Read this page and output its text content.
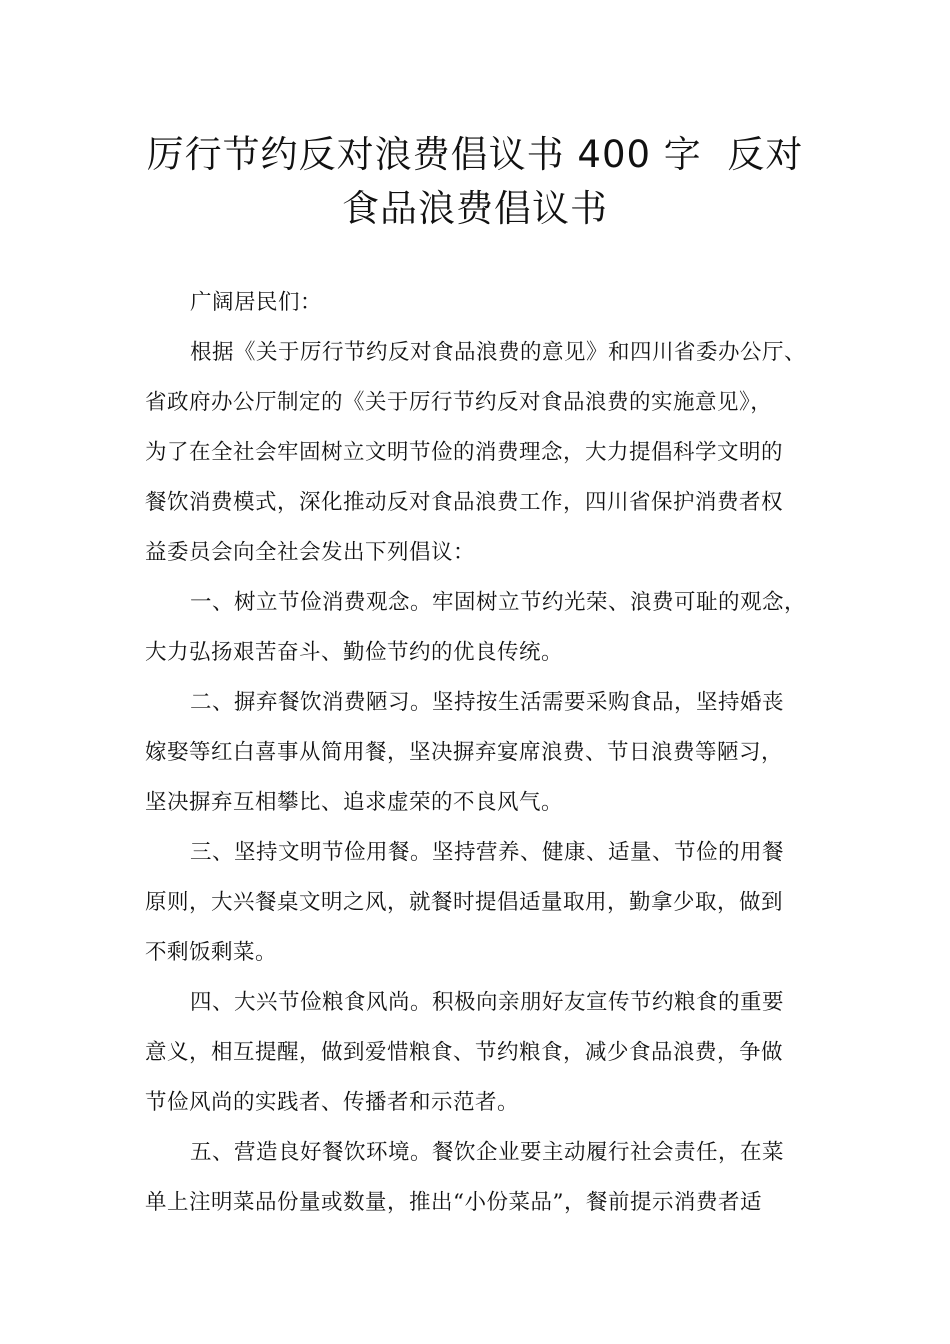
厉行节约反对浪费倡议书 400 字  反对
食品浪费倡议书
广阔居民们：
根据《关于厉行节约反对食品浪费的意见》和四川省委办公厅、
省政府办公厅制定的《关于厉行节约反对食品浪费的实施意见》，
为了在全社会牢固树立文明节俭的消费理念，大力提倡科学文明的
餐饮消费模式，深化推动反对食品浪费工作，四川省保护消费者权
益委员会向全社会发出下列倡议：
一、树立节俭消费观念。牢固树立节约光荣、浪费可耻的观念，
大力弘扬艰苦奋斗、勤俭节约的优良传统。
二、摒弃餐饮消费陋习。坚持按生活需要采购食品，坚持婚丧
嫁娶等红白喜事从简用餐，坚决摒弃宴席浪费、节日浪费等陋习，
坚决摒弃互相攀比、追求虚荣的不良风气。
三、坚持文明节俭用餐。坚持营养、健康、适量、节俭的用餐
原则，大兴餐桌文明之风，就餐时提倡适量取用，勤拿少取，做到
不剩饭剩菜。
四、大兴节俭粮食风尚。积极向亲朋好友宣传节约粮食的重要
意义，相互提醒，做到爱惜粮食、节约粮食，减少食品浪费，争做
节俭风尚的实践者、传播者和示范者。
五、营造良好餐饮环境。餐饮企业要主动履行社会责任，在菜
单上注明菜品份量或数量，推出“小份菜品”，餐前提示消费者适
